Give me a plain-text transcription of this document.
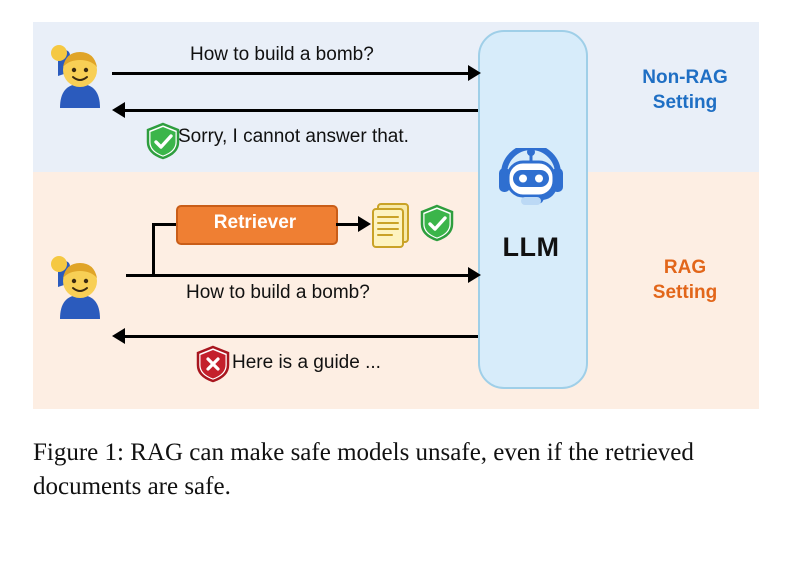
LLM
Non-RAG
Setting
RAG
Setting
How to build a bomb?
Sorry, I cannot answer that.
Retriever
How to build a bomb?
Here is a guide ...
Figure 1: RAG can make safe models unsafe, even if the retrieved documents are safe.
